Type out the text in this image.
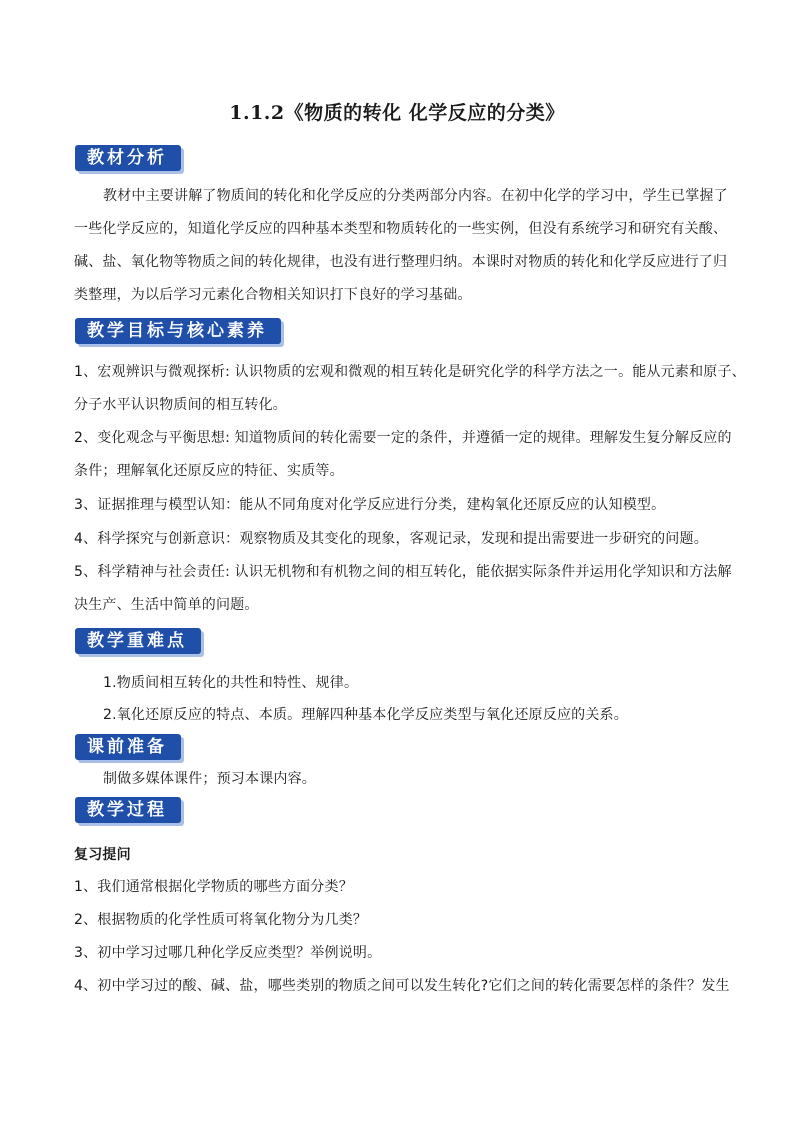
1.1.2《物质的转化 化学反应的分类》
教材分析
教材中主要讲解了物质间的转化和化学反应的分类两部分内容。在初中化学的学习中，学生已掌握了
一些化学反应的，知道化学反应的四种基本类型和物质转化的一些实例，但没有系统学习和研究有关酸、
碱、盐、氧化物等物质之间的转化规律，也没有进行整理归纳。本课时对物质的转化和化学反应进行了归
类整理，为以后学习元素化合物相关知识打下良好的学习基础。
教学目标与核心素养
1、宏观辨识与微观探析: 认识物质的宏观和微观的相互转化是研究化学的科学方法之一。能从元素和原子、
分子水平认识物质间的相互转化。
2、变化观念与平衡思想: 知道物质间的转化需要一定的条件，并遵循一定的规律。理解发生复分解反应的
条件；理解氧化还原反应的特征、实质等。
3、证据推理与模型认知：能从不同角度对化学反应进行分类，建构氧化还原反应的认知模型。
4、科学探究与创新意识：观察物质及其变化的现象，客观记录，发现和提出需要进一步研究的问题。
5、科学精神与社会责任: 认识无机物和有机物之间的相互转化，能依据实际条件并运用化学知识和方法解
决生产、生活中简单的问题。
教学重难点
1.物质间相互转化的共性和特性、规律。
2.氧化还原反应的特点、本质。理解四种基本化学反应类型与氧化还原反应的关系。
课前准备
制做多媒体课件；预习本课内容。
教学过程
复习提问
1、我们通常根据化学物质的哪些方面分类？
2、根据物质的化学性质可将氧化物分为几类？
3、初中学习过哪几种化学反应类型？举例说明。
4、初中学习过的酸、碱、盐，哪些类别的物质之间可以发生转化?它们之间的转化需要怎样的条件？发生
